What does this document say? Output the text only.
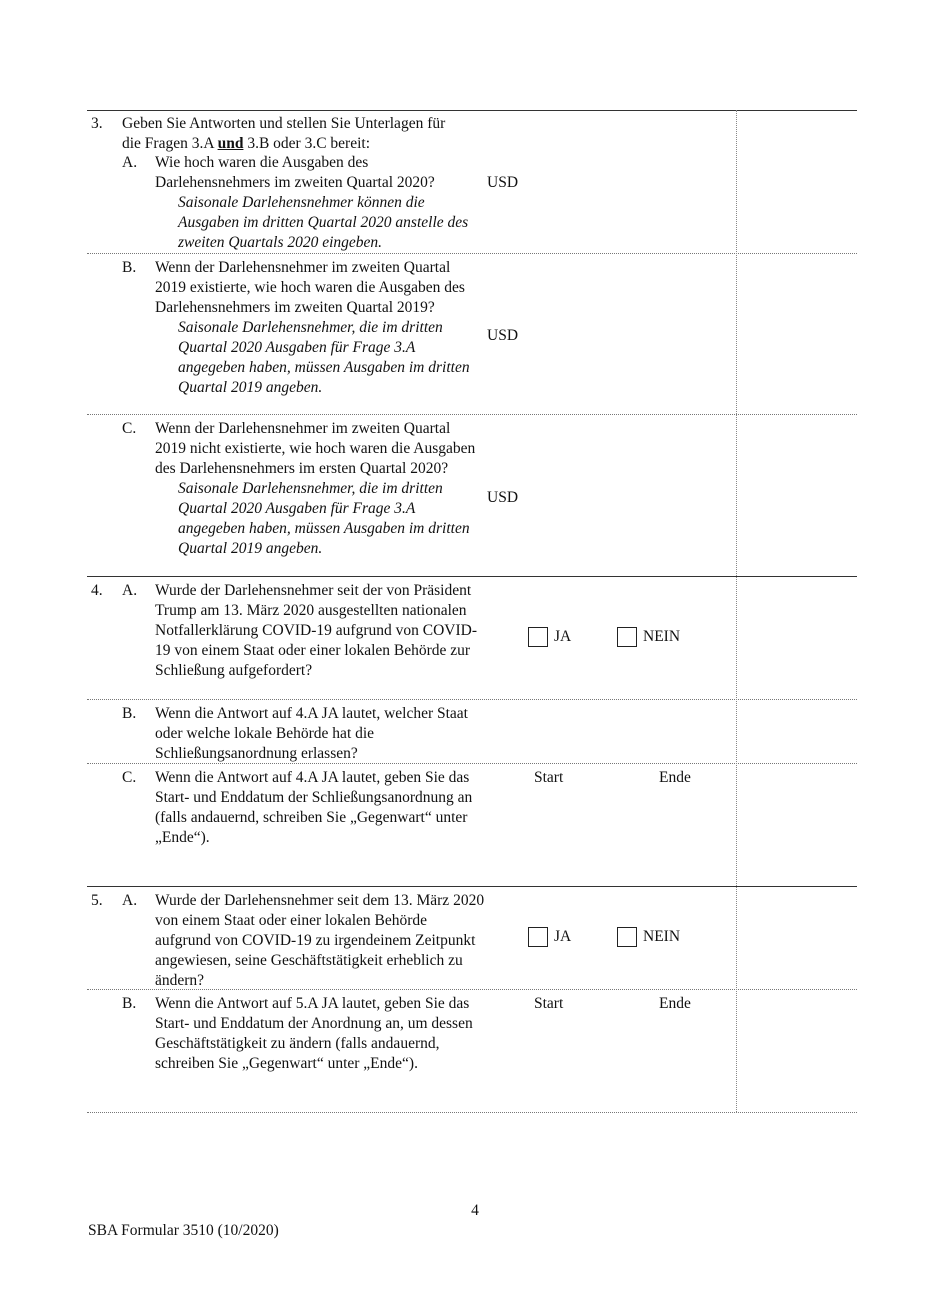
3. Geben Sie Antworten und stellen Sie Unterlagen für
die Fragen 3.A und 3.B oder 3.C bereit:
A. Wie hoch waren die Ausgaben des Darlehensnehmers im zweiten Quartal 2020?
Saisonale Darlehensnehmer können die Ausgaben im dritten Quartal 2020 anstelle des zweiten Quartals 2020 eingeben.
USD
B. Wenn der Darlehensnehmer im zweiten Quartal 2019 existierte, wie hoch waren die Ausgaben des Darlehensnehmers im zweiten Quartal 2019?
Saisonale Darlehensnehmer, die im dritten Quartal 2020 Ausgaben für Frage 3.A angegeben haben, müssen Ausgaben im dritten Quartal 2019 angeben.
USD
C. Wenn der Darlehensnehmer im zweiten Quartal 2019 nicht existierte, wie hoch waren die Ausgaben des Darlehensnehmers im ersten Quartal 2020?
Saisonale Darlehensnehmer, die im dritten Quartal 2020 Ausgaben für Frage 3.A angegeben haben, müssen Ausgaben im dritten Quartal 2019 angeben.
USD
4. A. Wurde der Darlehensnehmer seit der von Präsident Trump am 13. März 2020 ausgestellten nationalen Notfallerklärung COVID-19 aufgrund von COVID-19 von einem Staat oder einer lokalen Behörde zur Schließung aufgefordert?
JA	NEIN
B. Wenn die Antwort auf 4.A JA lautet, welcher Staat oder welche lokale Behörde hat die Schließungsanordnung erlassen?
C. Wenn die Antwort auf 4.A JA lautet, geben Sie das Start- und Enddatum der Schließungsanordnung an (falls andauernd, schreiben Sie „Gegenwart“ unter „Ende“).
Start	Ende
5. A. Wurde der Darlehensnehmer seit dem 13. März 2020 von einem Staat oder einer lokalen Behörde aufgrund von COVID-19 zu irgendeinem Zeitpunkt angewiesen, seine Geschäftstätigkeit erheblich zu ändern?
JA	NEIN
B. Wenn die Antwort auf 5.A JA lautet, geben Sie das Start- und Enddatum der Anordnung an, um dessen Geschäftstätigkeit zu ändern (falls andauernd, schreiben Sie „Gegenwart“ unter „Ende“).
Start	Ende
4
SBA Formular 3510 (10/2020)
